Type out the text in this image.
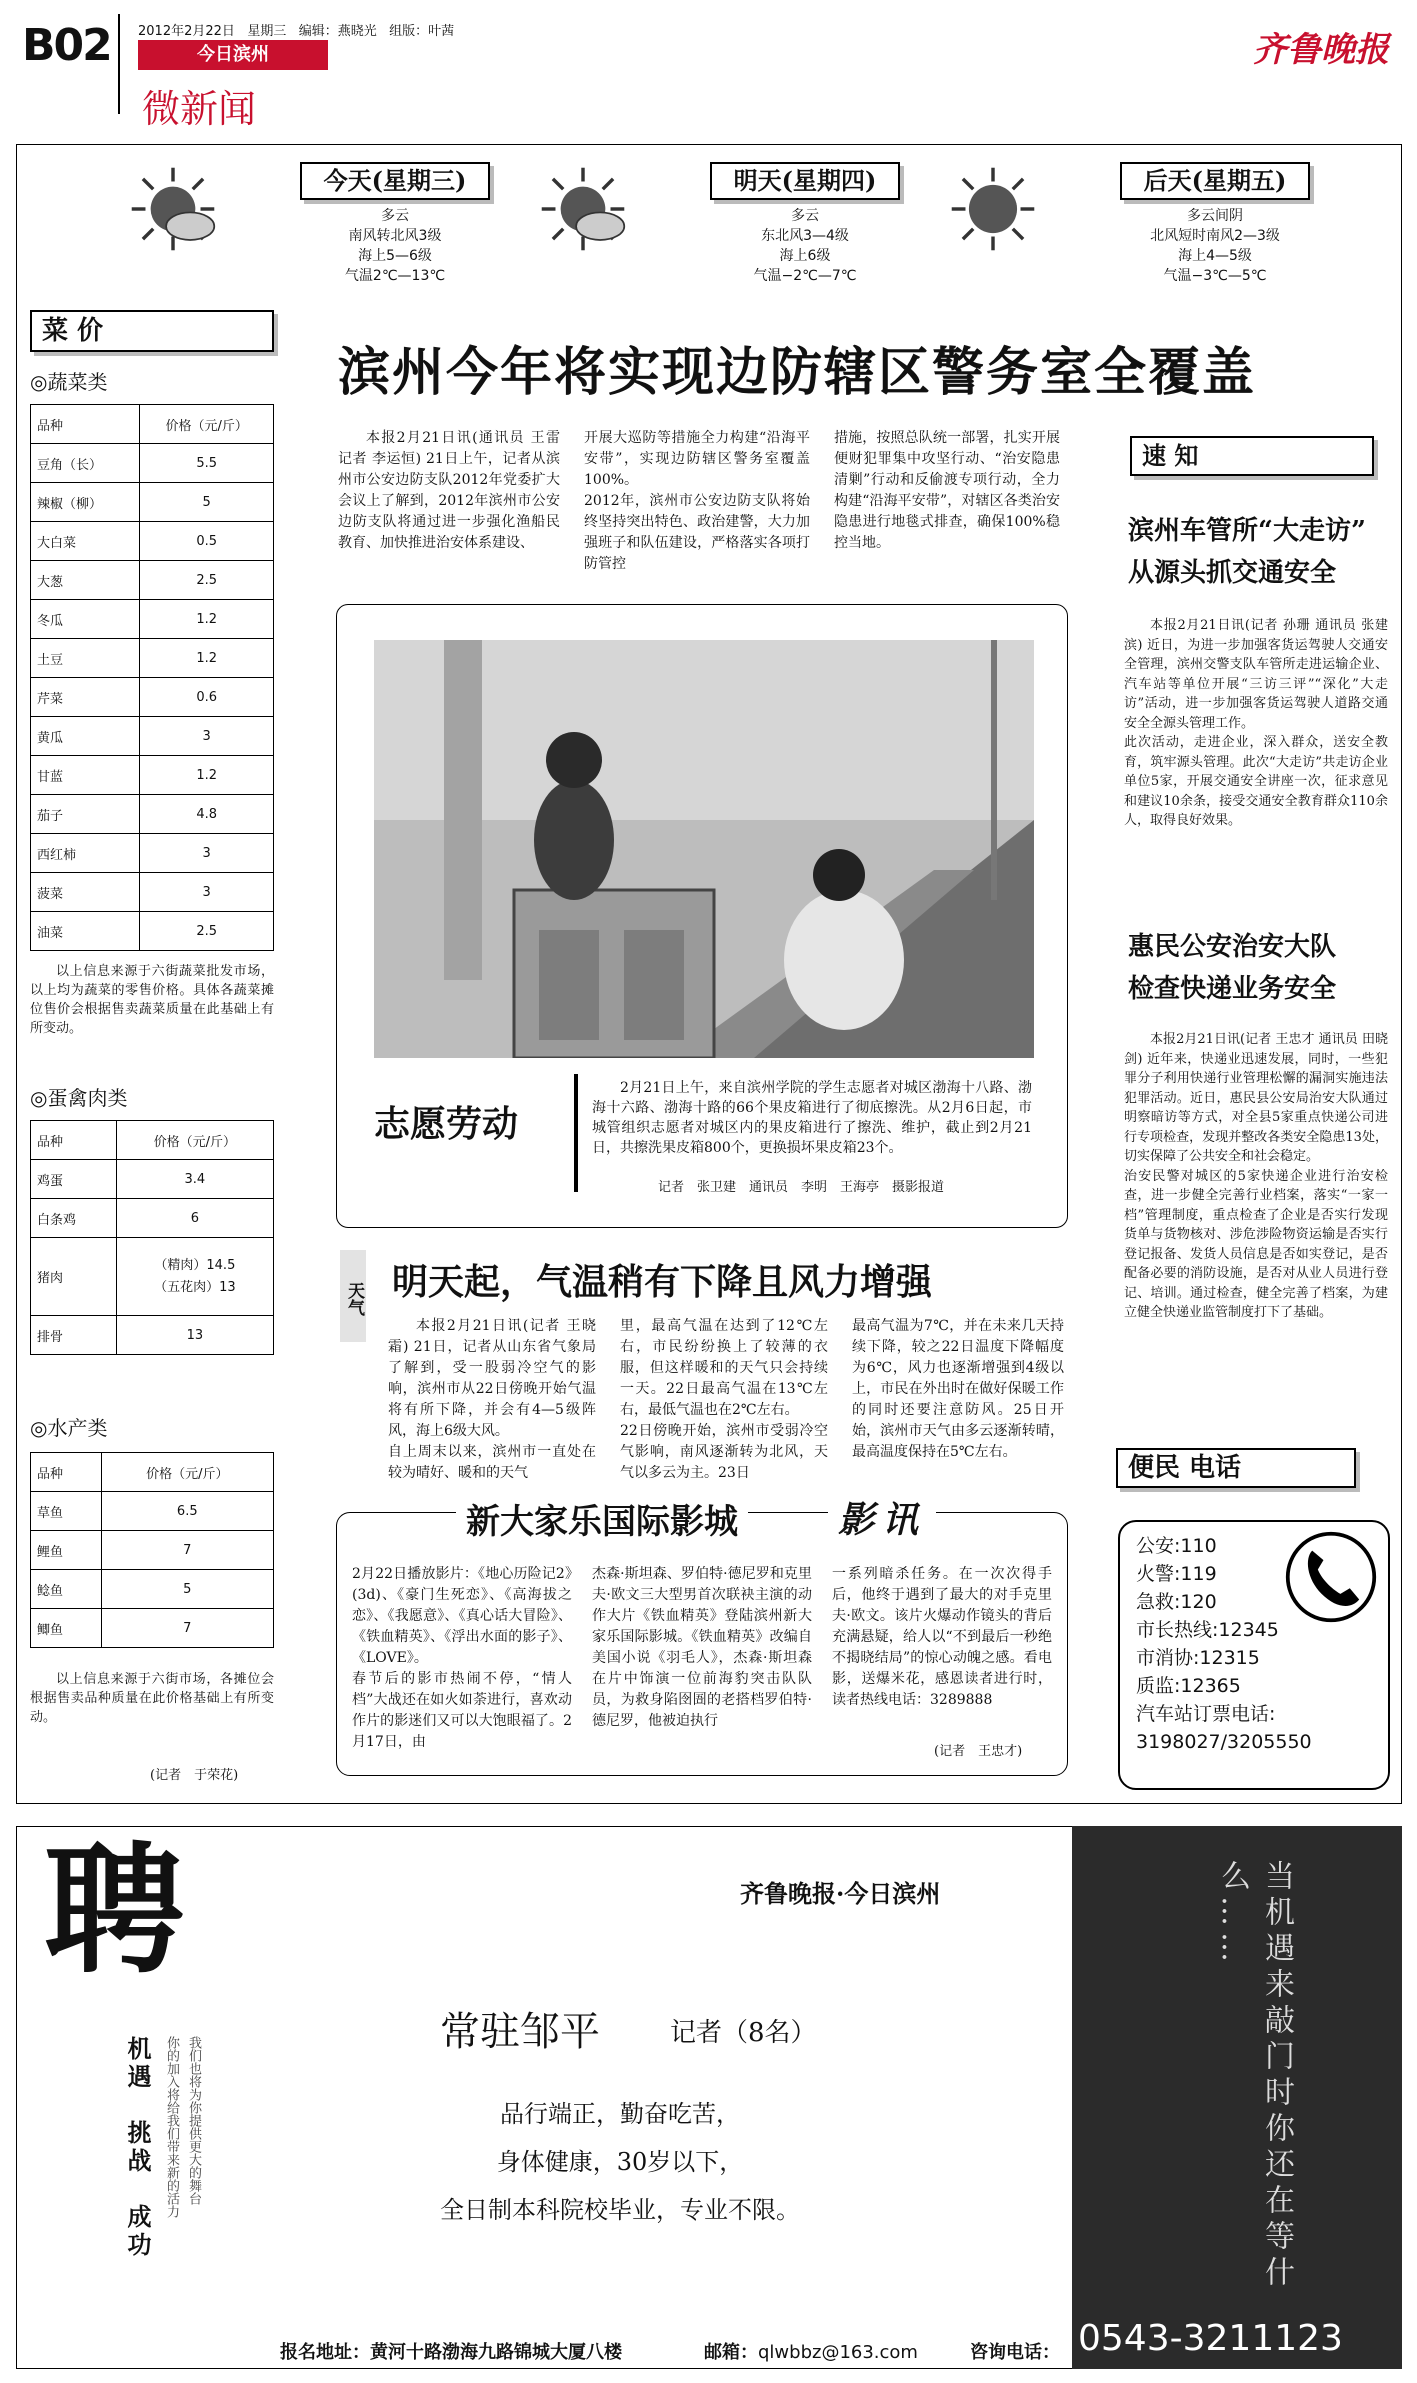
B02 2012年2月22日 星期三 编辑：燕晓光 组版：叶茜
今日滨州
微新闻
齐鲁晚报
今天(星期三)
多云
南风转北风3级
海上5—6级
气温2℃—13℃
明天(星期四)
多云
东北风3—4级
海上6级
气温−2℃—7℃
后天(星期五)
多云间阴
北风短时南风2—3级
海上4—5级
气温−3℃—5℃
菜 价
◎蔬菜类
品种	价格（元/斤）
豆角（长）	5.5
辣椒（柳）	5
大白菜	0.5
大葱	2.5
冬瓜	1.2
土豆	1.2
芹菜	0.6
黄瓜	3
甘蓝	1.2
茄子	4.8
西红柿	3
菠菜	3
油菜	2.5
以上信息来源于六街蔬菜批发市场，以上均为蔬菜的零售价格。具体各蔬菜摊位售价会根据售卖蔬菜质量在此基础上有所变动。
◎蛋禽肉类
品种	价格（元/斤）
鸡蛋	3.4
白条鸡	6
猪肉	（精肉）14.5
（五花肉）13
排骨	13
◎水产类
品种	价格（元/斤）
草鱼	6.5
鲤鱼	7
鲶鱼	5
鲫鱼	7
以上信息来源于六街市场，各摊位会根据售卖品种质量在此价格基础上有所变动。
(记者　于荣花)
滨州今年将实现边防辖区警务室全覆盖
本报2月21日讯(通讯员 王雷 记者 李运恒) 21日上午，记者从滨州市公安边防支队2012年党委扩大会议上了解到，2012年滨州市公安边防支队将通过进一步强化渔船民教育、加快推进治安体系建设、
开展大巡防等措施全力构建“沿海平安带”，实现边防辖区警务室覆盖100%。
2012年，滨州市公安边防支队将始终坚持突出特色、政治建警，大力加强班子和队伍建设，严格落实各项打防管控
措施，按照总队统一部署，扎实开展便财犯罪集中攻坚行动、“治安隐患清剿”行动和反偷渡专项行动，全力构建“沿海平安带”，对辖区各类治安隐患进行地毯式排查，确保100%稳控当地。
志愿劳动
2月21日上午，来自滨州学院的学生志愿者对城区渤海十八路、渤海十六路、渤海十路的66个果皮箱进行了彻底擦洗。从2月6日起，市城管组织志愿者对城区内的果皮箱进行了擦洗、维护，截止到2月21日，共擦洗果皮箱800个，更换损坏果皮箱23个。
记者　张卫建　通讯员　李明　王海亭　摄影报道
天气 明天起，气温稍有下降且风力增强
本报2月21日讯(记者 王晓霜) 21日，记者从山东省气象局了解到，受一股弱冷空气的影响，滨州市从22日傍晚开始气温将有所下降，并会有4—5级阵风，海上6级大风。
自上周末以来，滨州市一直处在较为晴好、暖和的天气
里，最高气温在达到了12℃左右，市民纷纷换上了较薄的衣服，但这样暖和的天气只会持续一天。22日最高气温在13℃左右，最低气温也在2℃左右。
22日傍晚开始，滨州市受弱冷空气影响，南风逐渐转为北风，天气以多云为主。23日
最高气温为7℃，并在未来几天持续下降，较之22日温度下降幅度为6℃，风力也逐渐增强到4级以上，市民在外出时在做好保暖工作的同时还要注意防风。25日开始，滨州市天气由多云逐渐转晴，最高温度保持在5℃左右。
新大家乐国际影城	影讯
2月22日播放影片：《地心历险记2》(3d)、《豪门生死恋》、《高海拔之恋》、《我愿意》、《真心话大冒险》、《铁血精英》、《浮出水面的影子》、《LOVE》。
春节后的影市热闹不停，“情人档”大战还在如火如荼进行，喜欢动作片的影迷们又可以大饱眼福了。2月17日，由
杰森·斯坦森、罗伯特·德尼罗和克里夫·欧文三大型男首次联袂主演的动作大片《铁血精英》登陆滨州新大家乐国际影城。《铁血精英》改编自美国小说《羽毛人》，杰森·斯坦森在片中饰演一位前海豹突击队队员，为救身陷囹圄的老搭档罗伯特·德尼罗，他被迫执行
一系列暗杀任务。在一次次得手后，他终于遇到了最大的对手克里夫·欧文。该片火爆动作镜头的背后充满悬疑，给人以“不到最后一秒绝不揭晓结局”的惊心动魄之感。看电影，送爆米花，感恩读者进行时，读者热线电话：3289888
(记者　王忠才)
速 知
滨州车管所“大走访”
从源头抓交通安全
本报2月21日讯(记者 孙珊 通讯员 张建滨) 近日，为进一步加强客货运驾驶人交通安全管理，滨州交警支队车管所走进运输企业、汽车站等单位开展“三访三评”“深化”大走访”活动，进一步加强客货运驾驶人道路交通安全全源头管理工作。
此次活动，走进企业，深入群众，送安全教育，筑牢源头管理。此次“大走访”共走访企业单位5家，开展交通安全讲座一次，征求意见和建议10余条，接受交通安全教育群众110余人，取得良好效果。
惠民公安治安大队
检查快递业务安全
本报2月21日讯(记者 王忠才 通讯员 田晓剑) 近年来，快递业迅速发展，同时，一些犯罪分子利用快递行业管理松懈的漏洞实施违法犯罪活动。近日，惠民县公安局治安大队通过明察暗访等方式，对全县5家重点快递公司进行专项检查，发现并整改各类安全隐患13处，切实保障了公共安全和社会稳定。
治安民警对城区的5家快递企业进行治安检查，进一步健全完善行业档案，落实“一家一档”管理制度，重点检查了企业是否实行发现货单与货物核对、涉危涉险物资运输是否实行登记报备、发货人员信息是否如实登记，是否配备必要的消防设施，是否对从业人员进行登记、培训。通过检查，健全完善了档案，为建立健全快递业监管制度打下了基础。
便民 电话
公安:110
火警:119
急救:120
市长热线:12345
市消协:12315
质监:12365
汽车站订票电话:
3198027/3205550
聘
机遇　挑战　成功 你的加入将给我们带来新的活力 我们也将为你提供更大的舞台
齐鲁晚报·今日滨州
常驻邹平	记者（8名）
品行端正，勤奋吃苦，
身体健康，30岁以下，
全日制本科院校毕业，专业不限。	当机遇来敲门时你还在等什么……
报名地址：黄河十路渤海九路锦城大厦八楼	邮箱：qlwbbz@163.com	咨询电话： 0543-3211123
